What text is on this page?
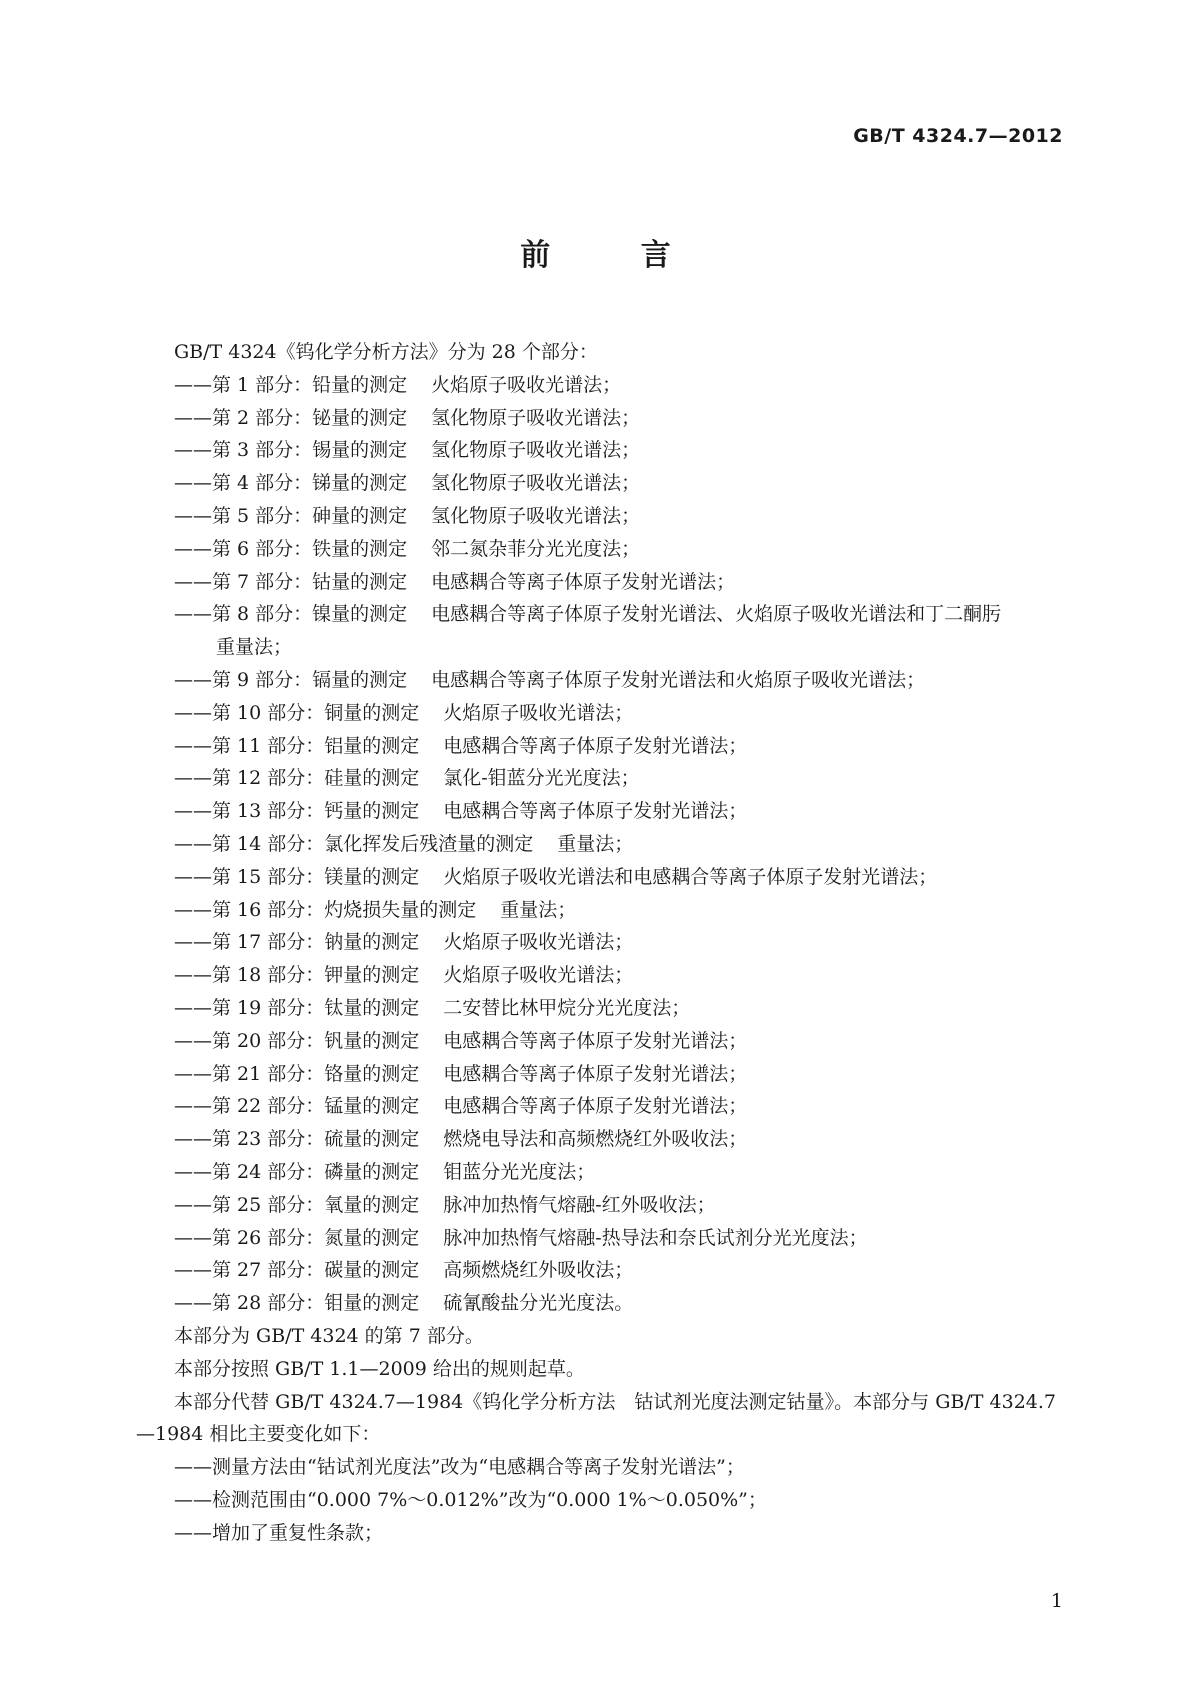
GB/T 4324.7—2012
前 言

GB/T 4324《钨化学分析方法》分为 28 个部分：

——第 1 部分：铅量的测定 火焰原子吸收光谱法；

——第 2 部分：铋量的测定 氢化物原子吸收光谱法；

——第 3 部分：锡量的测定 氢化物原子吸收光谱法；

——第 4 部分：锑量的测定 氢化物原子吸收光谱法；

——第 5 部分：砷量的测定 氢化物原子吸收光谱法；

——第 6 部分：铁量的测定 邻二氮杂菲分光光度法；

——第 7 部分：钴量的测定 电感耦合等离子体原子发射光谱法；

——第 8 部分：镍量的测定 电感耦合等离子体原子发射光谱法、火焰原子吸收光谱法和丁二酮肟

重量法；

——第 9 部分：镉量的测定 电感耦合等离子体原子发射光谱法和火焰原子吸收光谱法；

——第 10 部分：铜量的测定 火焰原子吸收光谱法；

——第 11 部分：铝量的测定 电感耦合等离子体原子发射光谱法；

——第 12 部分：硅量的测定 氯化-钼蓝分光光度法；

——第 13 部分：钙量的测定 电感耦合等离子体原子发射光谱法；

——第 14 部分：氯化挥发后残渣量的测定 重量法；

——第 15 部分：镁量的测定 火焰原子吸收光谱法和电感耦合等离子体原子发射光谱法；

——第 16 部分：灼烧损失量的测定 重量法；

——第 17 部分：钠量的测定 火焰原子吸收光谱法；

——第 18 部分：钾量的测定 火焰原子吸收光谱法；

——第 19 部分：钛量的测定 二安替比林甲烷分光光度法；

——第 20 部分：钒量的测定 电感耦合等离子体原子发射光谱法；

——第 21 部分：铬量的测定 电感耦合等离子体原子发射光谱法；

——第 22 部分：锰量的测定 电感耦合等离子体原子发射光谱法；

——第 23 部分：硫量的测定 燃烧电导法和高频燃烧红外吸收法；

——第 24 部分：磷量的测定 钼蓝分光光度法；

——第 25 部分：氧量的测定 脉冲加热惰气熔融-红外吸收法；

——第 26 部分：氮量的测定 脉冲加热惰气熔融-热导法和奈氏试剂分光光度法；

——第 27 部分：碳量的测定 高频燃烧红外吸收法；

——第 28 部分：钼量的测定 硫氰酸盐分光光度法。

本部分为 GB/T 4324 的第 7 部分。

本部分按照 GB/T 1.1—2009 给出的规则起草。

本部分代替 GB/T 4324.7—1984《钨化学分析方法　钴试剂光度法测定钴量》。本部分与 GB/T 4324.7—1984 相比主要变化如下：

——测量方法由“钴试剂光度法”改为“电感耦合等离子发射光谱法”；

——检测范围由“0.000 7%～0.012%”改为“0.000 1%～0.050%”；

——增加了重复性条款；

1
